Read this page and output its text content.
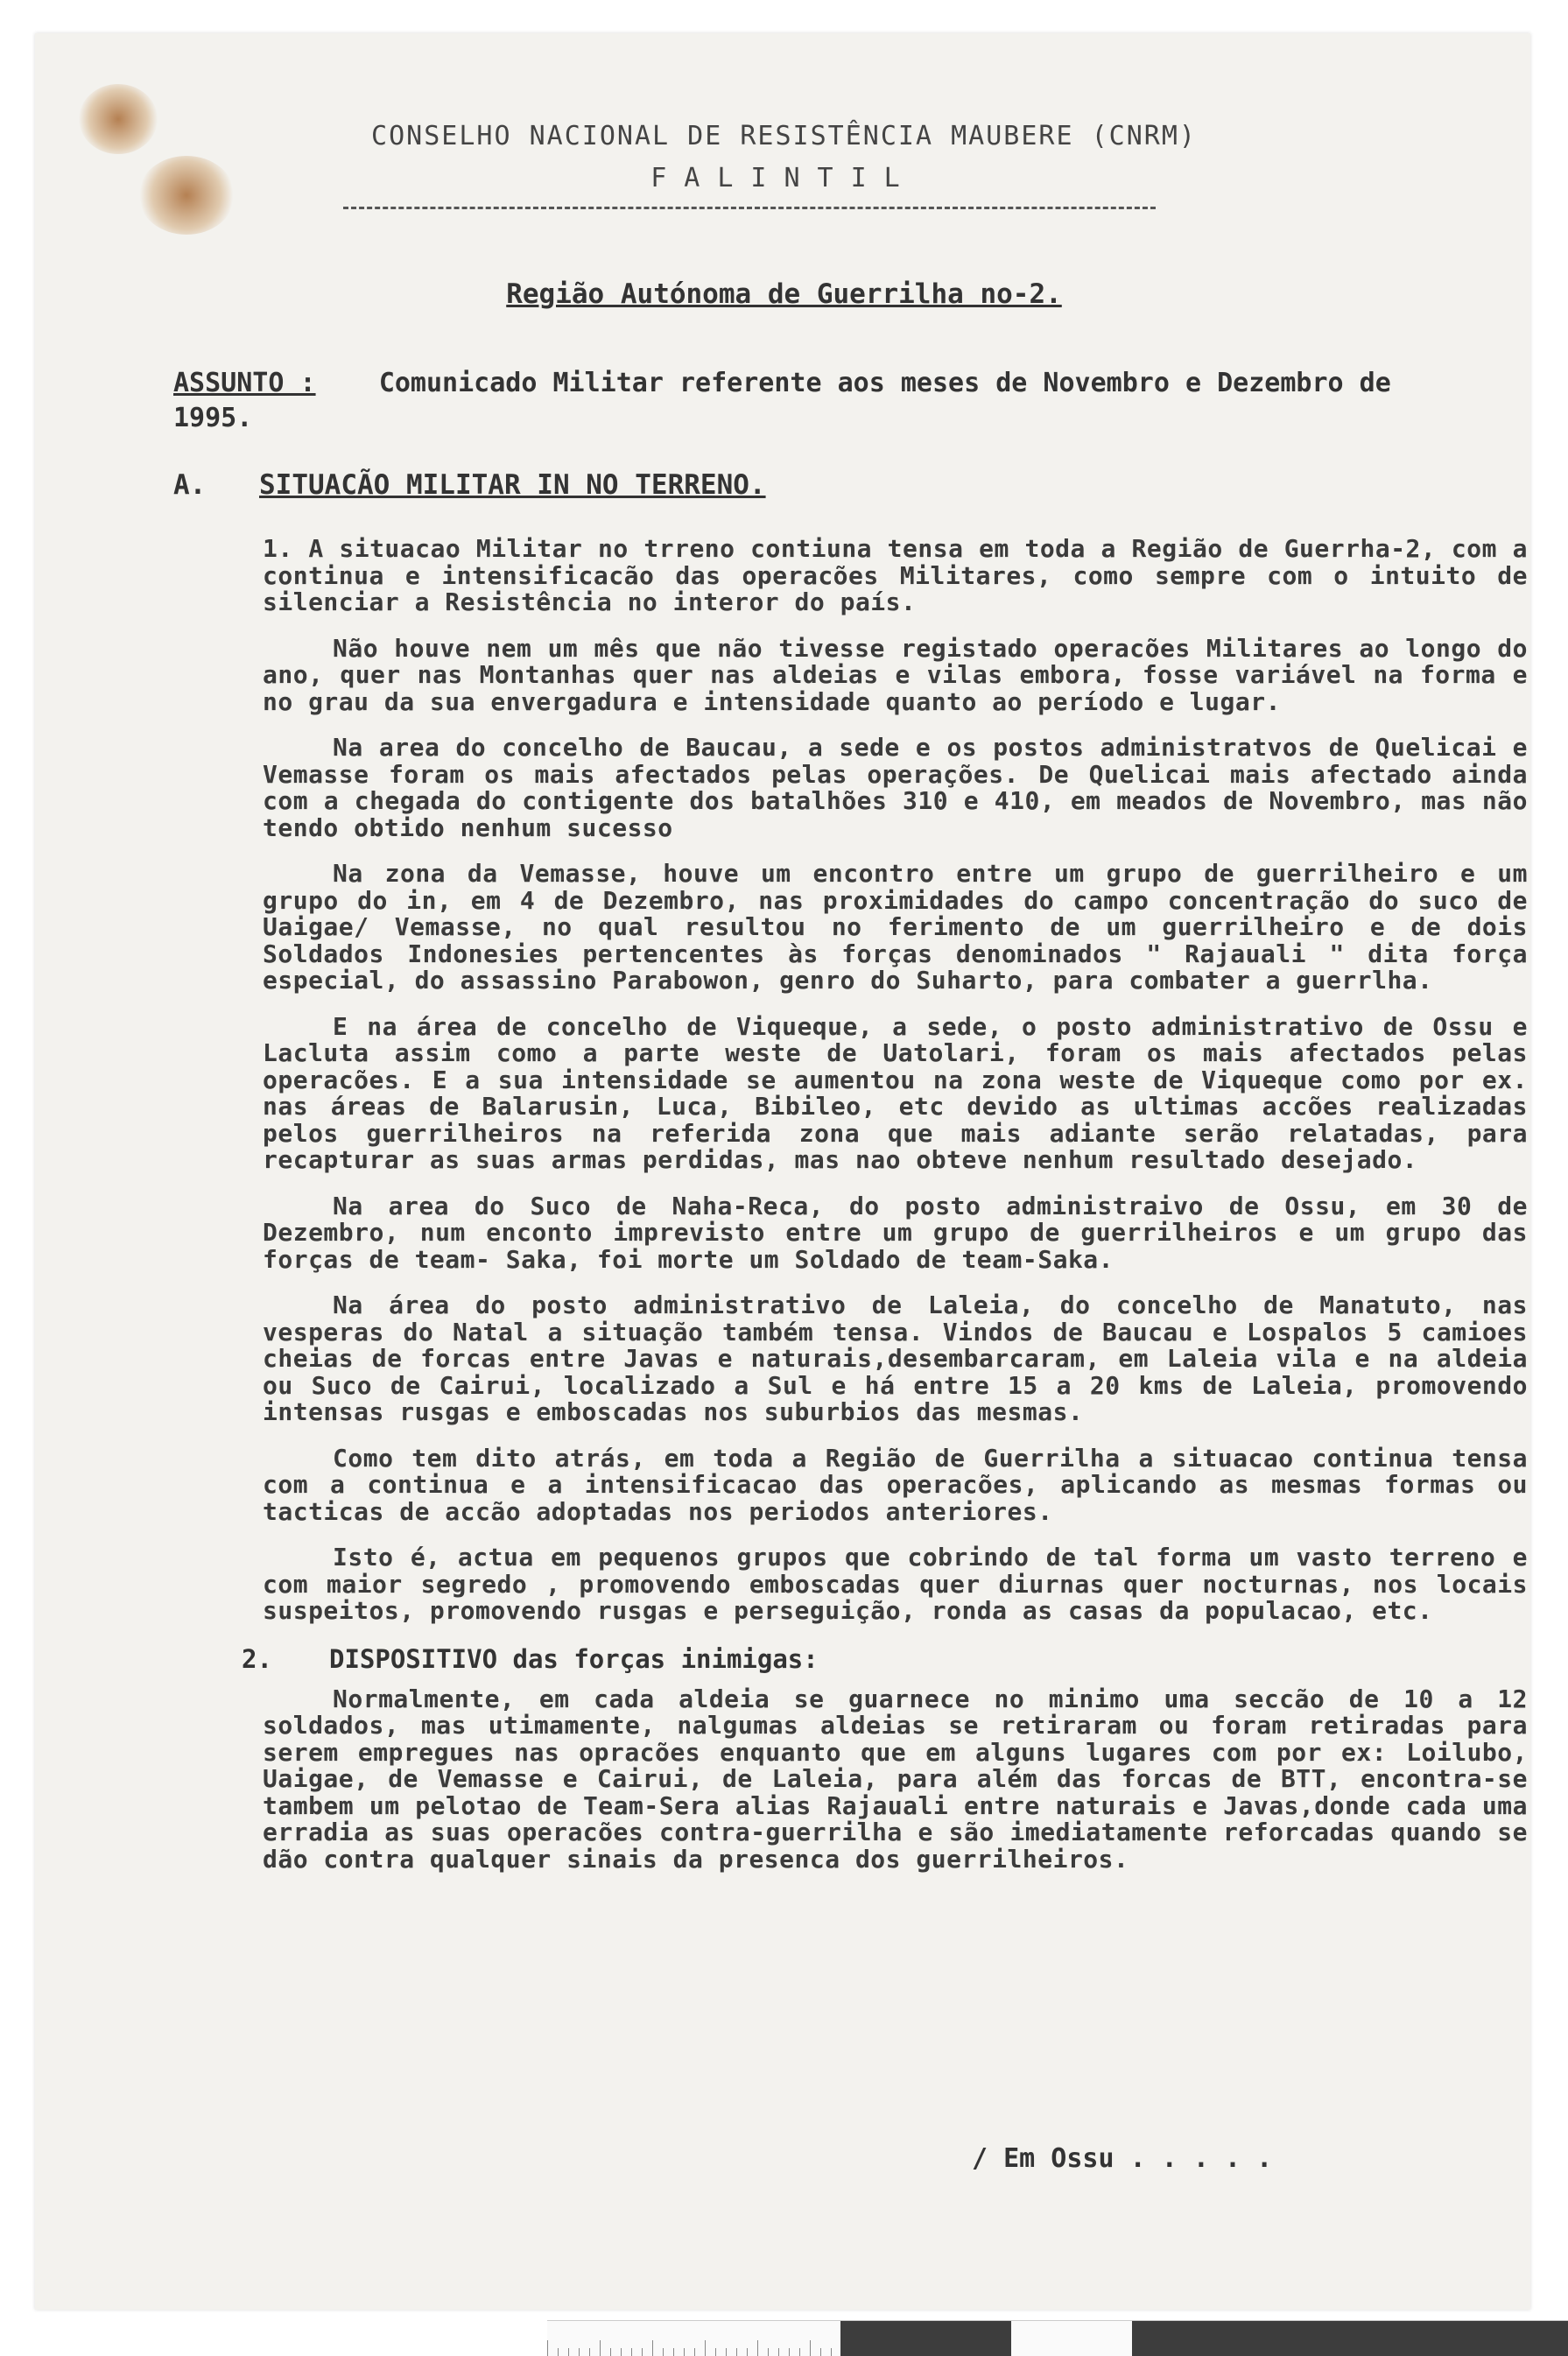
CONSELHO NACIONAL DE RESISTÊNCIA MAUBERE (CNRM)
FALINTIL
Região Autónoma de Guerrilha no-2.
ASSUNTO : Comunicado Militar referente aos meses de Novembro e Dezembro de 1995.
A. SITUACÃO MILITAR IN NO TERRENO.

1. A situacao Militar no trreno contiuna tensa em toda a Região de Guerrha-2, com a continua e intensificacão das operacões Militares, como sempre com o intuito de silenciar a Resistência no interor do país.

Não houve nem um mês que não tivesse registado operacões Militares ao longo do ano, quer nas Montanhas quer nas aldeias e vilas embora, fosse variável na forma e no grau da sua envergadura e intensidade quanto ao período e lugar.

Na area do concelho de Baucau, a sede e os postos administratvos de Quelicai e Vemasse foram os mais afectados pelas operações. De Quelicai mais afectado ainda com a chegada do contigente dos batalhões 310 e 410, em meados de Novembro, mas não tendo obtido nenhum sucesso

Na zona da Vemasse, houve um encontro entre um grupo de guerrilheiro e um grupo do in, em 4 de Dezembro, nas proximidades do campo concentração do suco de Uaigae/ Vemasse, no qual resultou no ferimento de um guerrilheiro e de dois Soldados Indonesies pertencentes às forças denominados " Rajauali " dita força especial, do assassino Parabowon, genro do Suharto, para combater a guerrlha.

E na área de concelho de Viqueque, a sede, o posto administrativo de Ossu e Lacluta assim como a parte weste de Uatolari, foram os mais afectados pelas operacões. E a sua intensidade se aumentou na zona weste de Viqueque como por ex. nas áreas de Balarusin, Luca, Bibileo, etc devido as ultimas accões realizadas pelos guerrilheiros na referida zona que mais adiante serão relatadas, para recapturar as suas armas perdidas, mas nao obteve nenhum resultado desejado.

Na area do Suco de Naha-Reca, do posto administraivo de Ossu, em 30 de Dezembro, num enconto imprevisto entre um grupo de guerrilheiros e um grupo das forças de team- Saka, foi morte um Soldado de team-Saka.

Na área do posto administrativo de Laleia, do concelho de Manatuto, nas vesperas do Natal a situação também tensa. Vindos de Baucau e Lospalos 5 camioes cheias de forcas entre Javas e naturais,desembarcaram, em Laleia vila e na aldeia ou Suco de Cairui, localizado a Sul e há entre 15 a 20 kms de Laleia, promovendo intensas rusgas e emboscadas nos suburbios das mesmas.

Como tem dito atrás, em toda a Região de Guerrilha a situacao continua tensa com a continua e a intensificacao das operacões, aplicando as mesmas formas ou tacticas de accão adoptadas nos periodos anteriores.

Isto é, actua em pequenos grupos que cobrindo de tal forma um vasto terreno e com maior segredo , promovendo emboscadas quer diurnas quer nocturnas, nos locais suspeitos, promovendo rusgas e perseguição, ronda as casas da populacao, etc.

2. DISPOSITIVO das forças inimigas:

Normalmente, em cada aldeia se guarnece no minimo uma seccão de 10 a 12 soldados, mas utimamente, nalgumas aldeias se retiraram ou foram retiradas para serem empregues nas opracões enquanto que em alguns lugares com por ex: Loilubo, Uaigae, de Vemasse e Cairui, de Laleia, para além das forcas de BTT, encontra-se tambem um pelotao de Team-Sera alias Rajauali entre naturais e Javas,donde cada uma erradia as suas operacões contra-guerrilha e são imediatamente reforcadas quando se dão contra qualquer sinais da presenca dos guerrilheiros.

/ Em Ossu . . . . .
